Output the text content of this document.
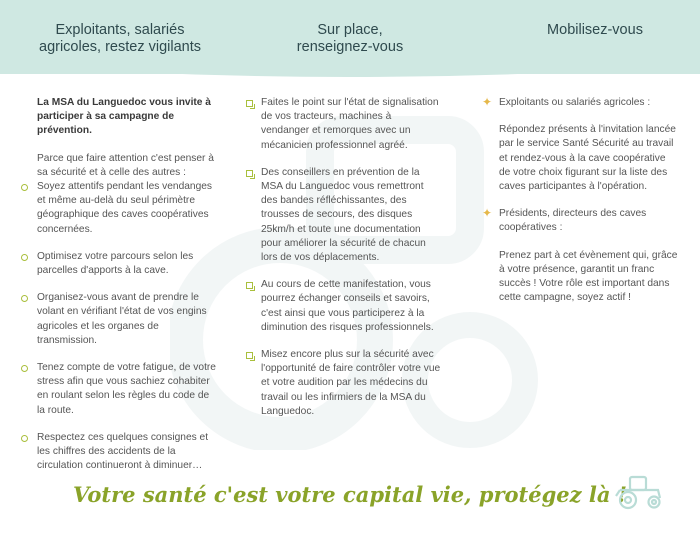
Exploitants, salariés
agricoles, restez vigilants
Sur place,
renseignez-vous
Mobilisez-vous

La MSA du Languedoc vous invite à participer à sa campagne de prévention.

Parce que faire attention c'est penser à sa sécurité et à celle des autres :

Soyez attentifs pendant les vendanges et même au-delà du seul périmètre géographique des caves coopératives concernées.
Optimisez votre parcours selon les parcelles d'apports à la cave.
Organisez-vous avant de prendre le volant en vérifiant l'état de vos engins agricoles et les organes de transmission.
Tenez compte de votre fatigue, de votre stress afin que vous sachiez cohabiter en roulant selon les règles du code de la route.
Respectez ces quelques consignes et les chiffres des accidents de la circulation continueront à diminuer…
Faites le point sur l'état de signalisation de vos tracteurs, machines à vendanger et remorques avec un mécanicien professionnel agréé.
Des conseillers en prévention de la MSA du Languedoc vous remettront des bandes réfléchissantes, des trousses de secours, des disques 25km/h et toute une documentation pour améliorer la sécurité de chacun lors de vos déplacements.
Au cours de cette manifestation, vous pourrez échanger conseils et savoirs, c'est ainsi que vous participerez à la diminution des risques professionnels.
Misez encore plus sur la sécurité avec l'opportunité de faire contrôler votre vue et votre audition par les médecins du travail ou les infirmiers de la MSA du Languedoc.
✦ Exploitants ou salariés agricoles :

Répondez présents à l'invitation lancée par le service Santé Sécurité au travail et rendez-vous à la cave coopérative de votre choix figurant sur la liste des caves participantes à l'opération.

✦ Présidents, directeurs des caves coopératives :

Prenez part à cet évènement qui, grâce à votre présence, garantit un franc succès ! Votre rôle est important dans cette campagne, soyez actif !

Votre santé c'est votre capital vie, protégez là !
